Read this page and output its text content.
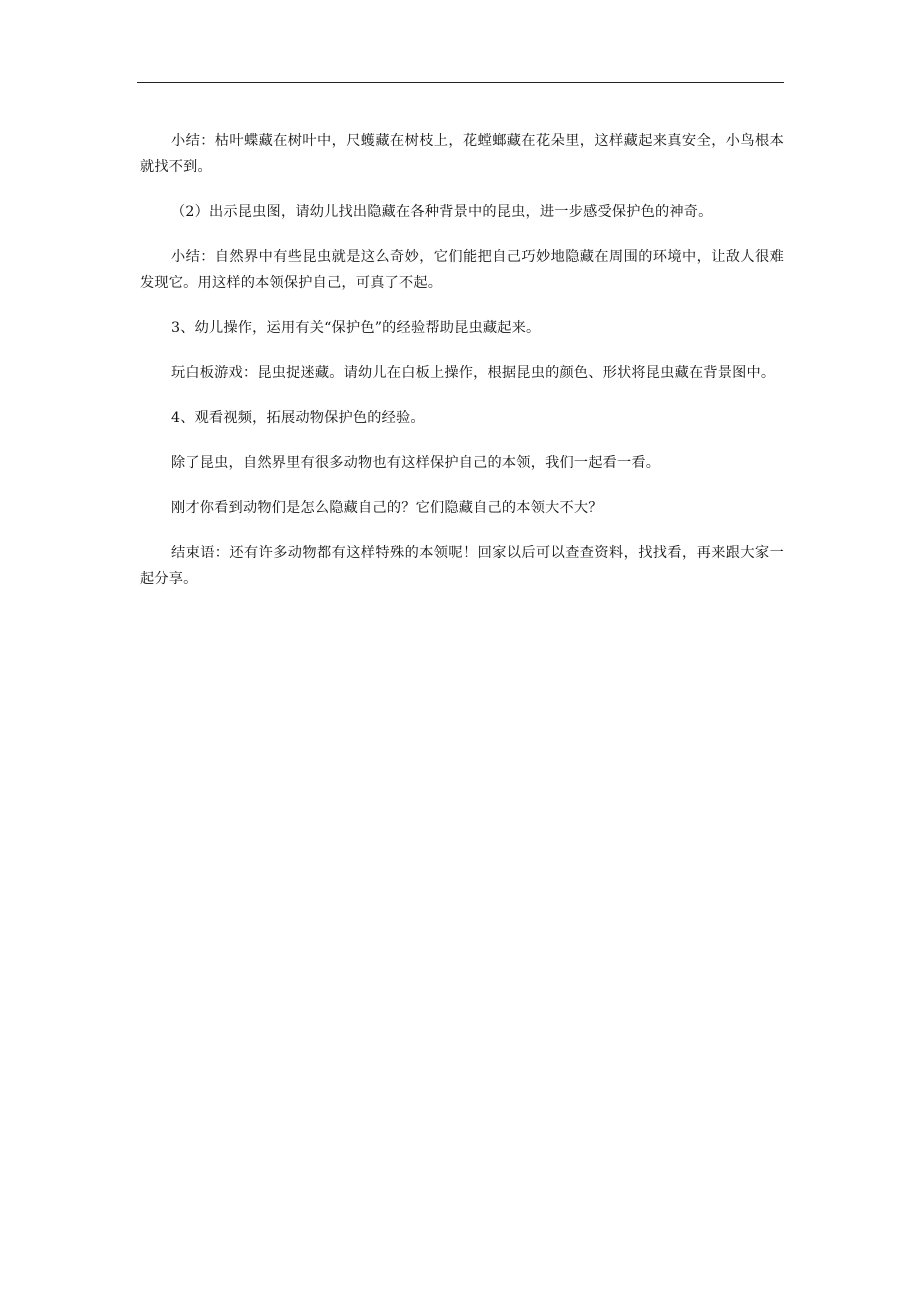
小结：枯叶蝶藏在树叶中，尺蠖藏在树枝上，花螳螂藏在花朵里，这样藏起来真安全，小鸟根本就找不到。

（2）出示昆虫图，请幼儿找出隐藏在各种背景中的昆虫，进一步感受保护色的神奇。

小结：自然界中有些昆虫就是这么奇妙，它们能把自己巧妙地隐藏在周围的环境中，让敌人很难发现它。用这样的本领保护自己，可真了不起。

3、幼儿操作，运用有关“保护色”的经验帮助昆虫藏起来。

玩白板游戏：昆虫捉迷藏。请幼儿在白板上操作，根据昆虫的颜色、形状将昆虫藏在背景图中。

4、观看视频，拓展动物保护色的经验。

除了昆虫，自然界里有很多动物也有这样保护自己的本领，我们一起看一看。

刚才你看到动物们是怎么隐藏自己的？它们隐藏自己的本领大不大？

结束语：还有许多动物都有这样特殊的本领呢！回家以后可以查查资料，找找看，再来跟大家一起分享。
